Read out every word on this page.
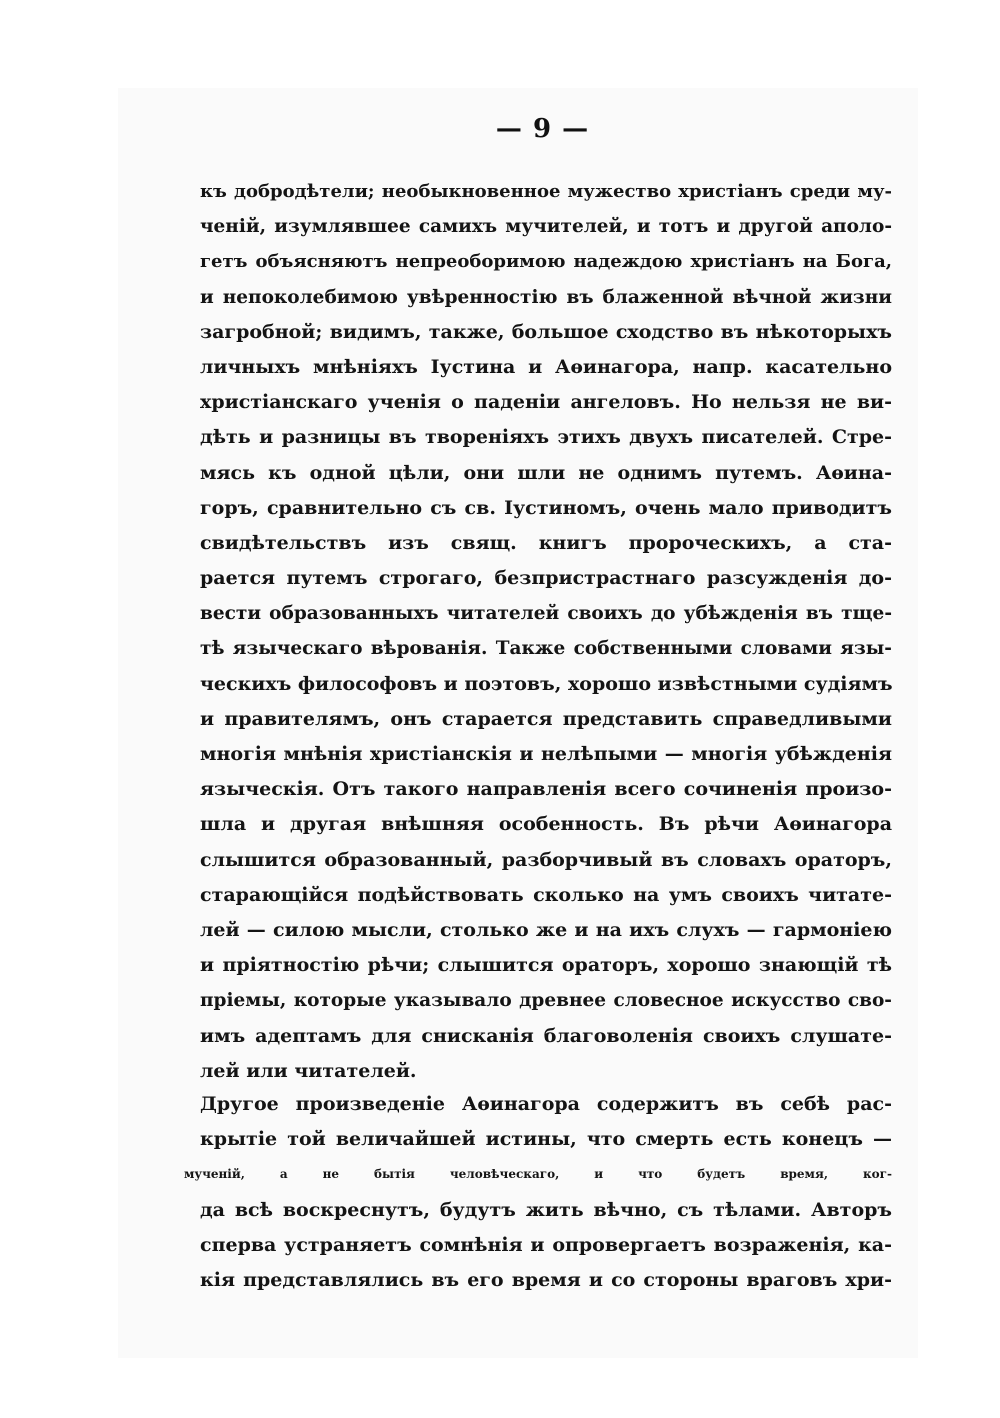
— 9 —
къ добродѣтели; необыкновенное мужество христiанъ среди му-
ченiй, изумлявшее самихъ мучителей, и тотъ и другой аполо-
гетъ объясняютъ непреоборимою надеждою христiанъ на Бога,
и непоколебимою увѣренностiю въ блаженной вѣчной жизни
загробной; видимъ, также, большое сходство въ нѣкоторыхъ
личныхъ мнѣнiяхъ Iустина и Аѳинагора, напр. касательно
христiанскаго ученiя о паденiи ангеловъ. Но нельзя не ви-
дѣть и разницы въ творенiяхъ этихъ двухъ писателей. Стре-
мясь къ одной цѣли, они шли не однимъ путемъ. Аѳина-
горъ, сравнительно съ св. Iустиномъ, очень мало приводитъ
свидѣтельствъ изъ свящ. книгъ пророческихъ, а ста-
рается путемъ строгаго, безпристрастнаго разсужденiя до-
вести образованныхъ читателей своихъ до убѣжденiя въ тще-
тѣ языческаго вѣрованiя. Также собственными словами язы-
ческихъ философовъ и поэтовъ, хорошо извѣстными судiямъ
и правителямъ, онъ старается представить справедливыми
многiя мнѣнiя христiанскiя и нелѣпыми — многiя убѣжденiя
языческiя. Отъ такого направленiя всего сочиненiя произо-
шла и другая внѣшняя особенность. Въ рѣчи Аѳинагора
слышится образованный, разборчивый въ словахъ ораторъ,
старающiйся подѣйствовать сколько на умъ своихъ читате-
лей — силою мысли, столько же и на ихъ слухъ — гармонiею
и прiятностiю рѣчи; слышится ораторъ, хорошо знающiй тѣ
прiемы, которые указывало древнее словесное искусство сво-
имъ адептамъ для снисканiя благоволенiя своихъ слушате-
лей или читателей.
Другое произведенiе Аѳинагора содержитъ въ себѣ рас-
крытiе той величайшей истины, что смерть есть конецъ —
мученiй, а не бытiя человѣческаго, и что будетъ время, ког-
да всѣ воскреснутъ, будутъ жить вѣчно, съ тѣлами. Авторъ
сперва устраняетъ сомнѣнiя и опровергаетъ возраженiя, ка-
кiя представлялись въ его время и со стороны враговъ хри-
